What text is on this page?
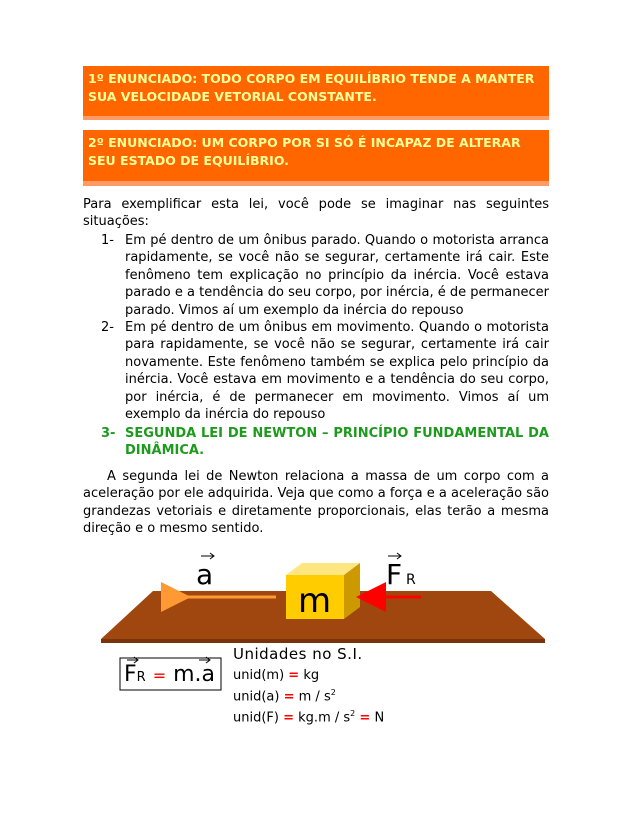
1º ENUNCIADO: TODO CORPO EM EQUILÍBRIO TENDE A MANTER SUA VELOCIDADE VETORIAL CONSTANTE.
2º ENUNCIADO: UM CORPO POR SI SÓ É INCAPAZ DE ALTERAR SEU ESTADO DE EQUILÍBRIO.
Para exemplificar esta lei, você pode se imaginar nas seguintes situações:
1- Em pé dentro de um ônibus parado. Quando o motorista arranca rapidamente, se você não se segurar, certamente irá cair. Este fenômeno tem explicação no princípio da inércia. Você estava parado e a tendência do seu corpo, por inércia, é de permanecer parado. Vimos aí um exemplo da inércia do repouso
2- Em pé dentro de um ônibus em movimento. Quando o motorista para rapidamente, se você não se segurar, certamente irá cair novamente. Este fenômeno também se explica pelo princípio da inércia. Você estava em movimento e a tendência do seu corpo, por inércia, é de permanecer em movimento. Vimos aí um exemplo da inércia do repouso
3- SEGUNDA LEI DE NEWTON – PRINCÍPIO FUNDAMENTAL DA DINÂMICA.
A segunda lei de Newton relaciona a massa de um corpo com a aceleração por ele adquirida. Veja que como a força e a aceleração são grandezas vetoriais e diretamente proporcionais, elas terão a mesma direção e o mesmo sentido.
m
a	F R
FR = m.a
Unidades no S.I.
unid(m) = kg
unid(a) = m / $s^2$
unid(F) = $kg.m / s^2 = N$
